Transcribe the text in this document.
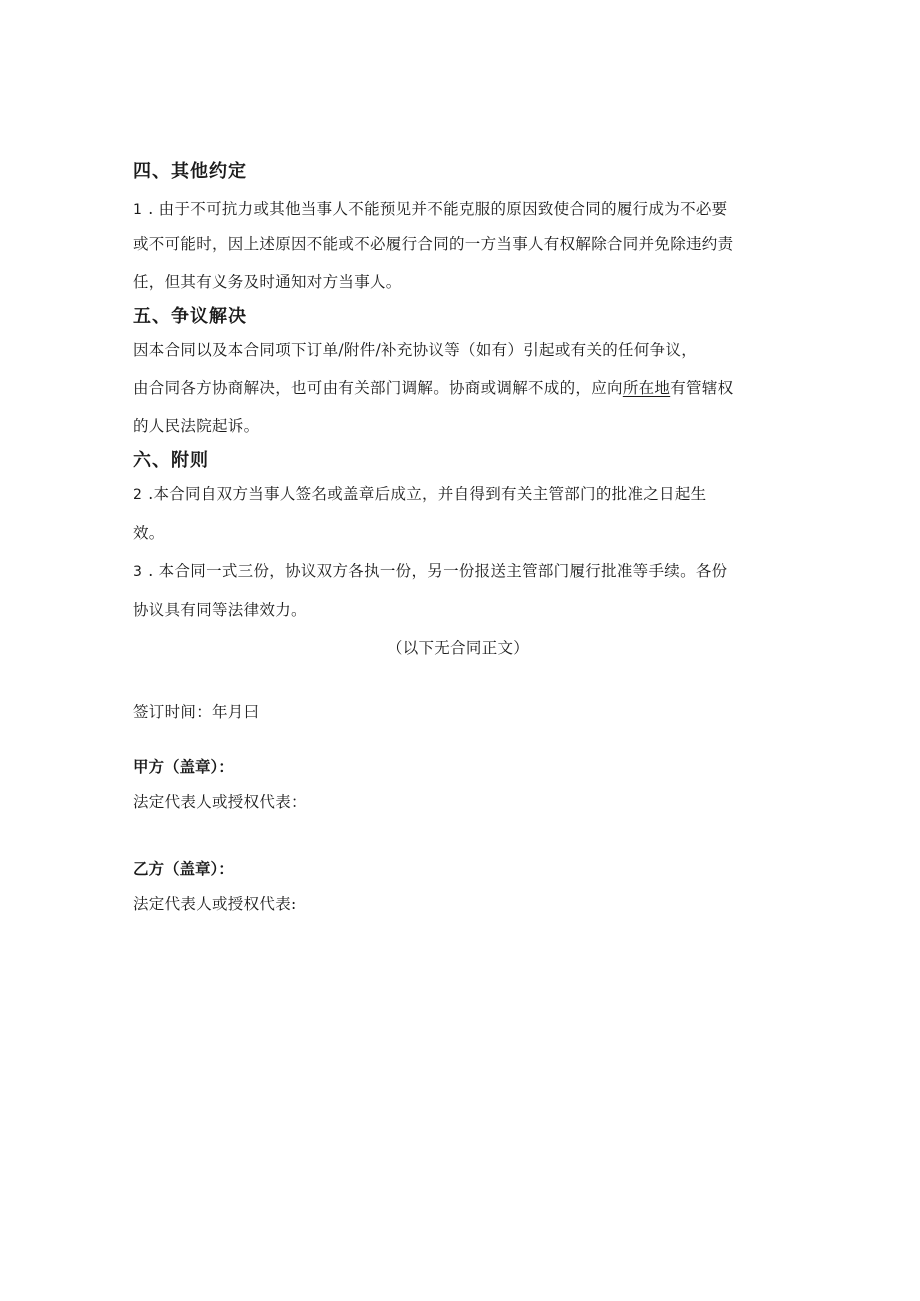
四、其他约定

1 . 由于不可抗力或其他当事人不能预见并不能克服的原因致使合同的履行成为不必要

或不可能时，因上述原因不能或不必履行合同的一方当事人有权解除合同并免除违约责

任，但其有义务及时通知对方当事人。

五、争议解决

因本合同以及本合同项下订单/附件/补充协议等（如有）引起或有关的任何争议，

由合同各方协商解决，也可由有关部门调解。协商或调解不成的，应向所在地有管辖权

的人民法院起诉。

六、附则

2 .本合同自双方当事人签名或盖章后成立，并自得到有关主管部门的批准之日起生

效。

3 . 本合同一式三份，协议双方各执一份，另一份报送主管部门履行批准等手续。各份

协议具有同等法律效力。

（以下无合同正文）

签订时间：年月曰

甲方（盖章）：

法定代表人或授权代表：

乙方（盖章）：

法定代表人或授权代表:
